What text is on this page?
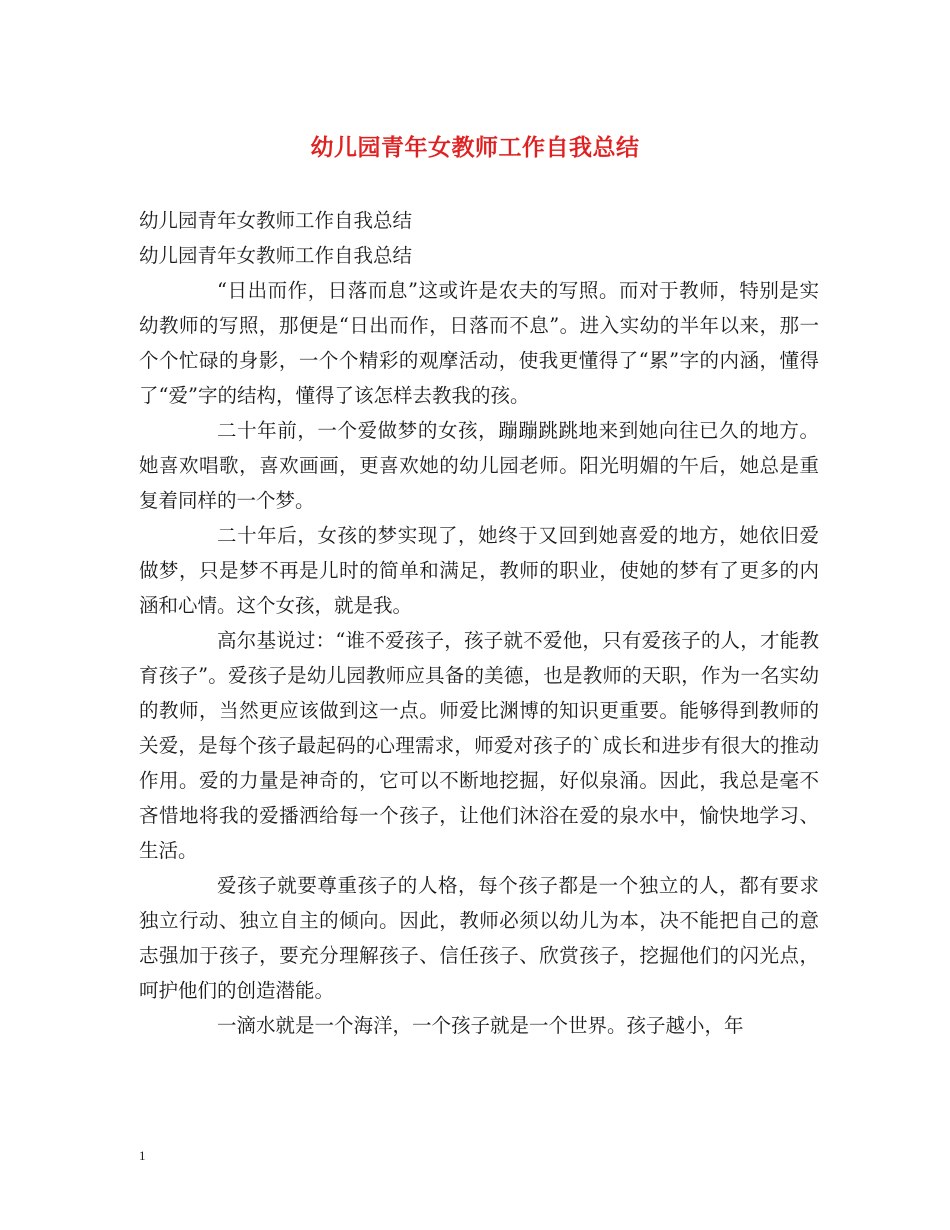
幼儿园青年女教师工作自我总结

幼儿园青年女教师工作自我总结

幼儿园青年女教师工作自我总结

“日出而作，日落而息”这或许是农夫的写照。而对于教师，特别是实幼教师的写照，那便是“日出而作，日落而不息”。进入实幼的半年以来，那一个个忙碌的身影，一个个精彩的观摩活动，使我更懂得了“累”字的内涵，懂得了“爱”字的结构，懂得了该怎样去教我的孩。

二十年前，一个爱做梦的女孩，蹦蹦跳跳地来到她向往已久的地方。她喜欢唱歌，喜欢画画，更喜欢她的幼儿园老师。阳光明媚的午后，她总是重复着同样的一个梦。

二十年后，女孩的梦实现了，她终于又回到她喜爱的地方，她依旧爱做梦，只是梦不再是儿时的简单和满足，教师的职业，使她的梦有了更多的内涵和心情。这个女孩，就是我。

高尔基说过：“谁不爱孩子，孩子就不爱他，只有爱孩子的人，才能教育孩子”。爱孩子是幼儿园教师应具备的美德，也是教师的天职，作为一名实幼的教师，当然更应该做到这一点。师爱比渊博的知识更重要。能够得到教师的关爱，是每个孩子最起码的心理需求，师爱对孩子的`成长和进步有很大的推动作用。爱的力量是神奇的，它可以不断地挖掘，好似泉涌。因此，我总是毫不吝惜地将我的爱播洒给每一个孩子，让他们沐浴在爱的泉水中，愉快地学习、生活。

爱孩子就要尊重孩子的人格，每个孩子都是一个独立的人，都有要求独立行动、独立自主的倾向。因此，教师必须以幼儿为本，决不能把自己的意志强加于孩子，要充分理解孩子、信任孩子、欣赏孩子，挖掘他们的闪光点，呵护他们的创造潜能。

一滴水就是一个海洋，一个孩子就是一个世界。孩子越小，年

1
